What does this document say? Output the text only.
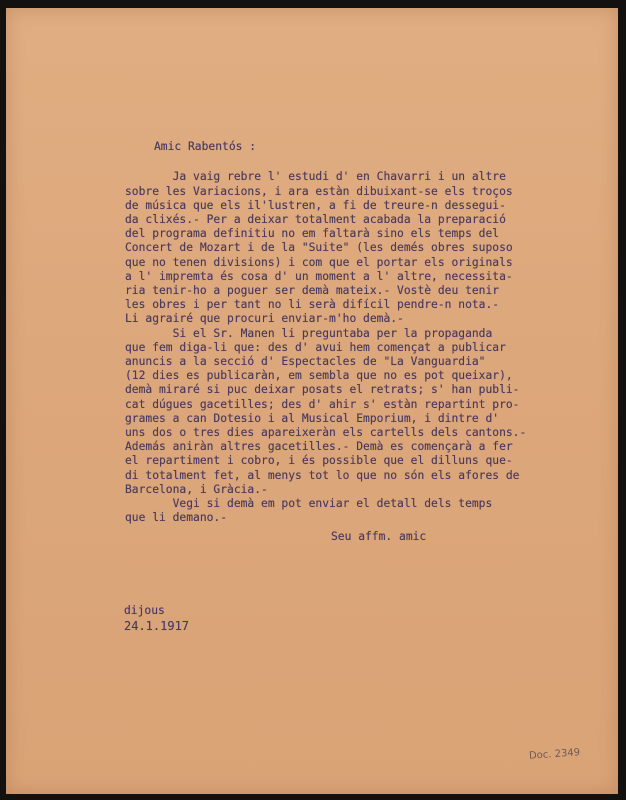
Amic Rabentós :

Ja vaig rebre l' estudi d' en Chavarri i un altre

sobre les Variacions, i ara estàn dibuixant-se els troços

de música que els il'lustren, a fi de treure-n dessegui-

da clixés.- Per a deixar totalment acabada la preparació

del programa definitiu no em faltarà sino els temps del

Concert de Mozart i de la "Suite" (les demés obres suposo

que no tenen divisions) i com que el portar els originals

a l' impremta és cosa d' un moment a l' altre, necessita-

ria tenir-ho a poguer ser demà mateix.- Vostè deu tenir

les obres i per tant no li serà difícil pendre-n nota.-

Li agrairé que procuri enviar-m'ho demà.-

Si el Sr. Manen li preguntaba per la propaganda

que fem diga-li que: des d' avui hem començat a publicar

anuncis a la secció d' Espectacles de "La Vanguardia"

(12 dies es publicaràn, em sembla que no es pot queixar),

demà miraré si puc deixar posats el retrats; s' han publi-

cat dúgues gacetilles; des d' ahir s' estàn repartint pro-

grames a can Dotesio i al Musical Emporium, i dintre d'

uns dos o tres dies apareixeràn els cartells dels cantons.-

Además aniràn altres gacetilles.- Demà es començarà a fer

el repartiment i cobro, i és possible que el dilluns que-

di totalment fet, al menys tot lo que no són els afores de

Barcelona, i Gràcia.-

Vegi si demà em pot enviar el detall dels temps

que li demano.-

Seu affm. amic

dijous

24.1.1917

Doc. 2349
